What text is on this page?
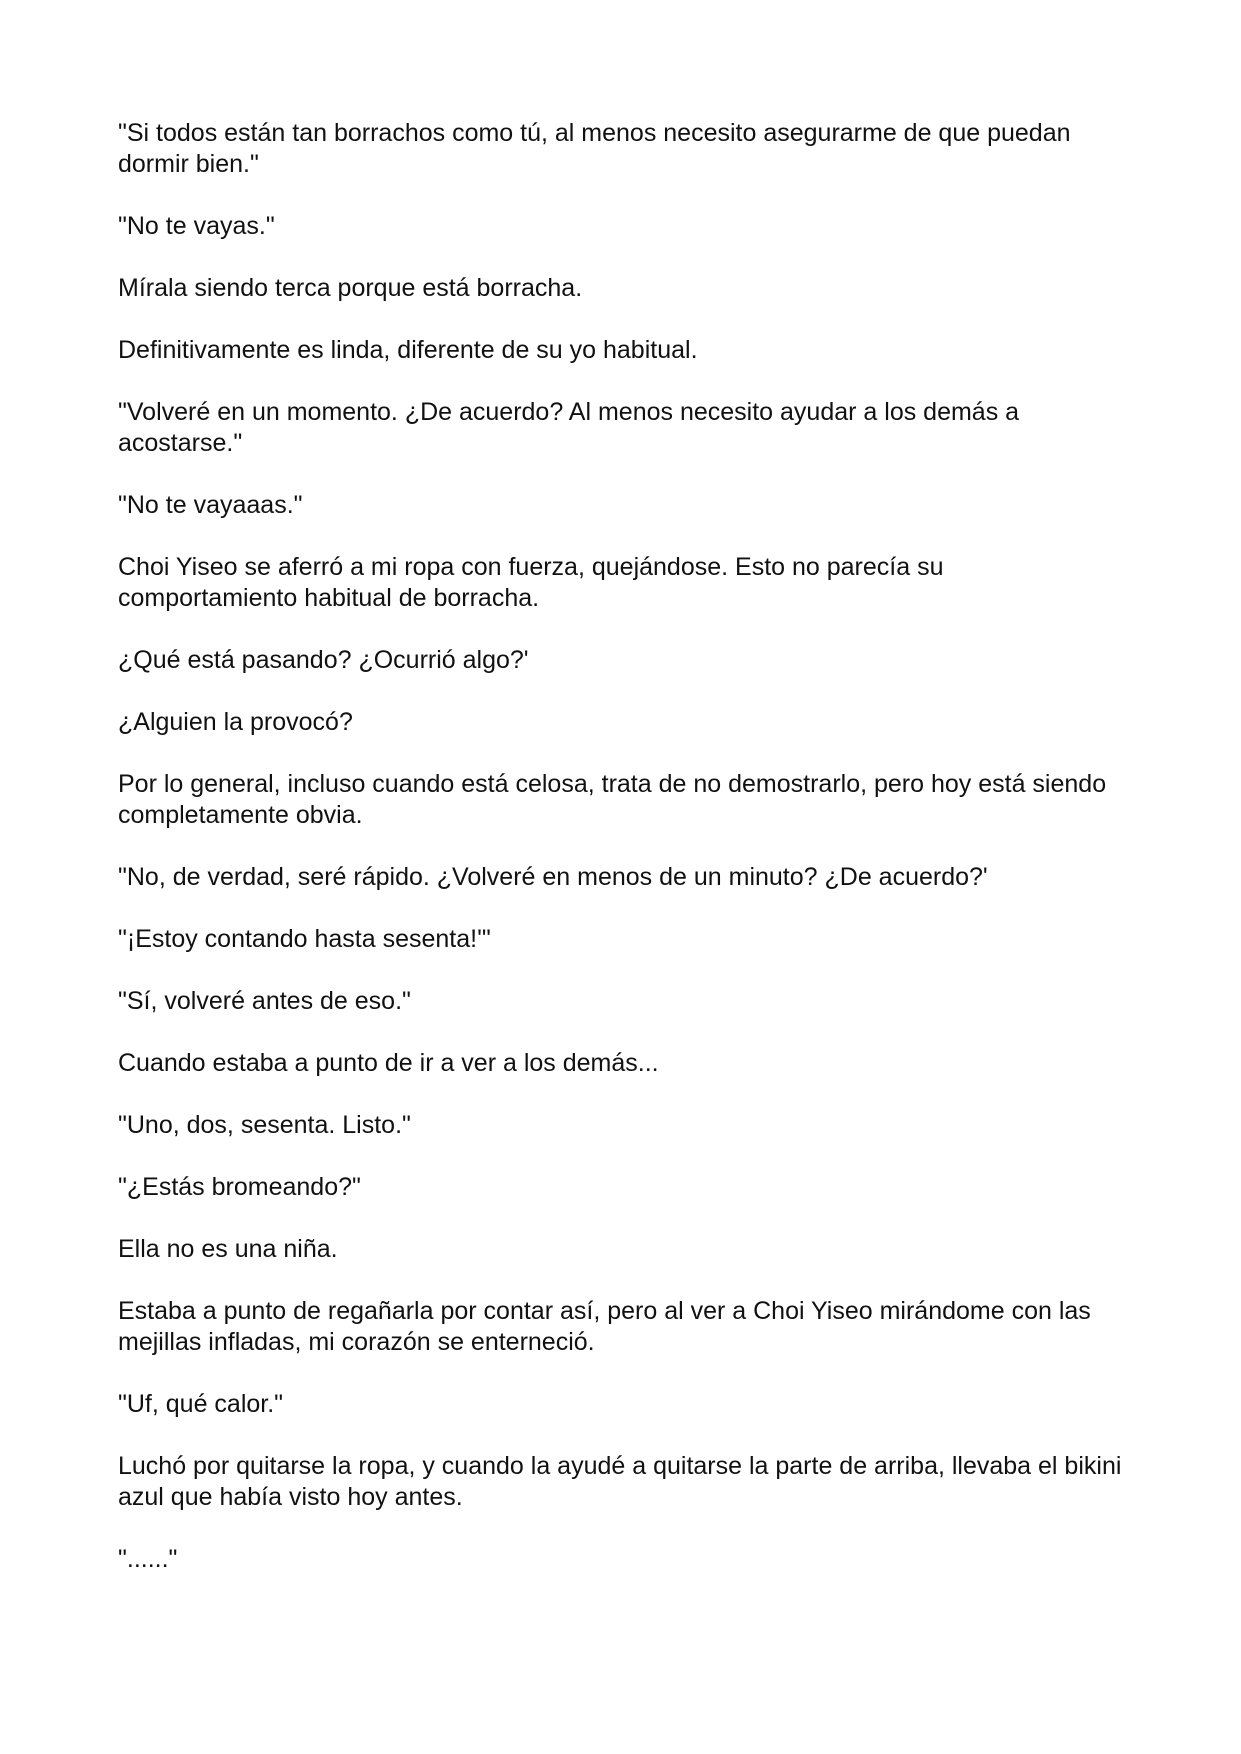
"Si todos están tan borrachos como tú, al menos necesito asegurarme de que puedan dormir bien."

"No te vayas."

Mírala siendo terca porque está borracha.

Definitivamente es linda, diferente de su yo habitual.

"Volveré en un momento. ¿De acuerdo? Al menos necesito ayudar a los demás a acostarse."

"No te vayaaas."

Choi Yiseo se aferró a mi ropa con fuerza, quejándose. Esto no parecía su comportamiento habitual de borracha.

¿Qué está pasando? ¿Ocurrió algo?'

¿Alguien la provocó?

Por lo general, incluso cuando está celosa, trata de no demostrarlo, pero hoy está siendo completamente obvia.

"No, de verdad, seré rápido. ¿Volveré en menos de un minuto? ¿De acuerdo?'

"¡Estoy contando hasta sesenta!'"

"Sí, volveré antes de eso."

Cuando estaba a punto de ir a ver a los demás...

"Uno, dos, sesenta. Listo."

"¿Estás bromeando?"

Ella no es una niña.

Estaba a punto de regañarla por contar así, pero al ver a Choi Yiseo mirándome con las mejillas infladas, mi corazón se enterneció.

"Uf, qué calor."

Luchó por quitarse la ropa, y cuando la ayudé a quitarse la parte de arriba, llevaba el bikini azul que había visto hoy antes.

"......"
